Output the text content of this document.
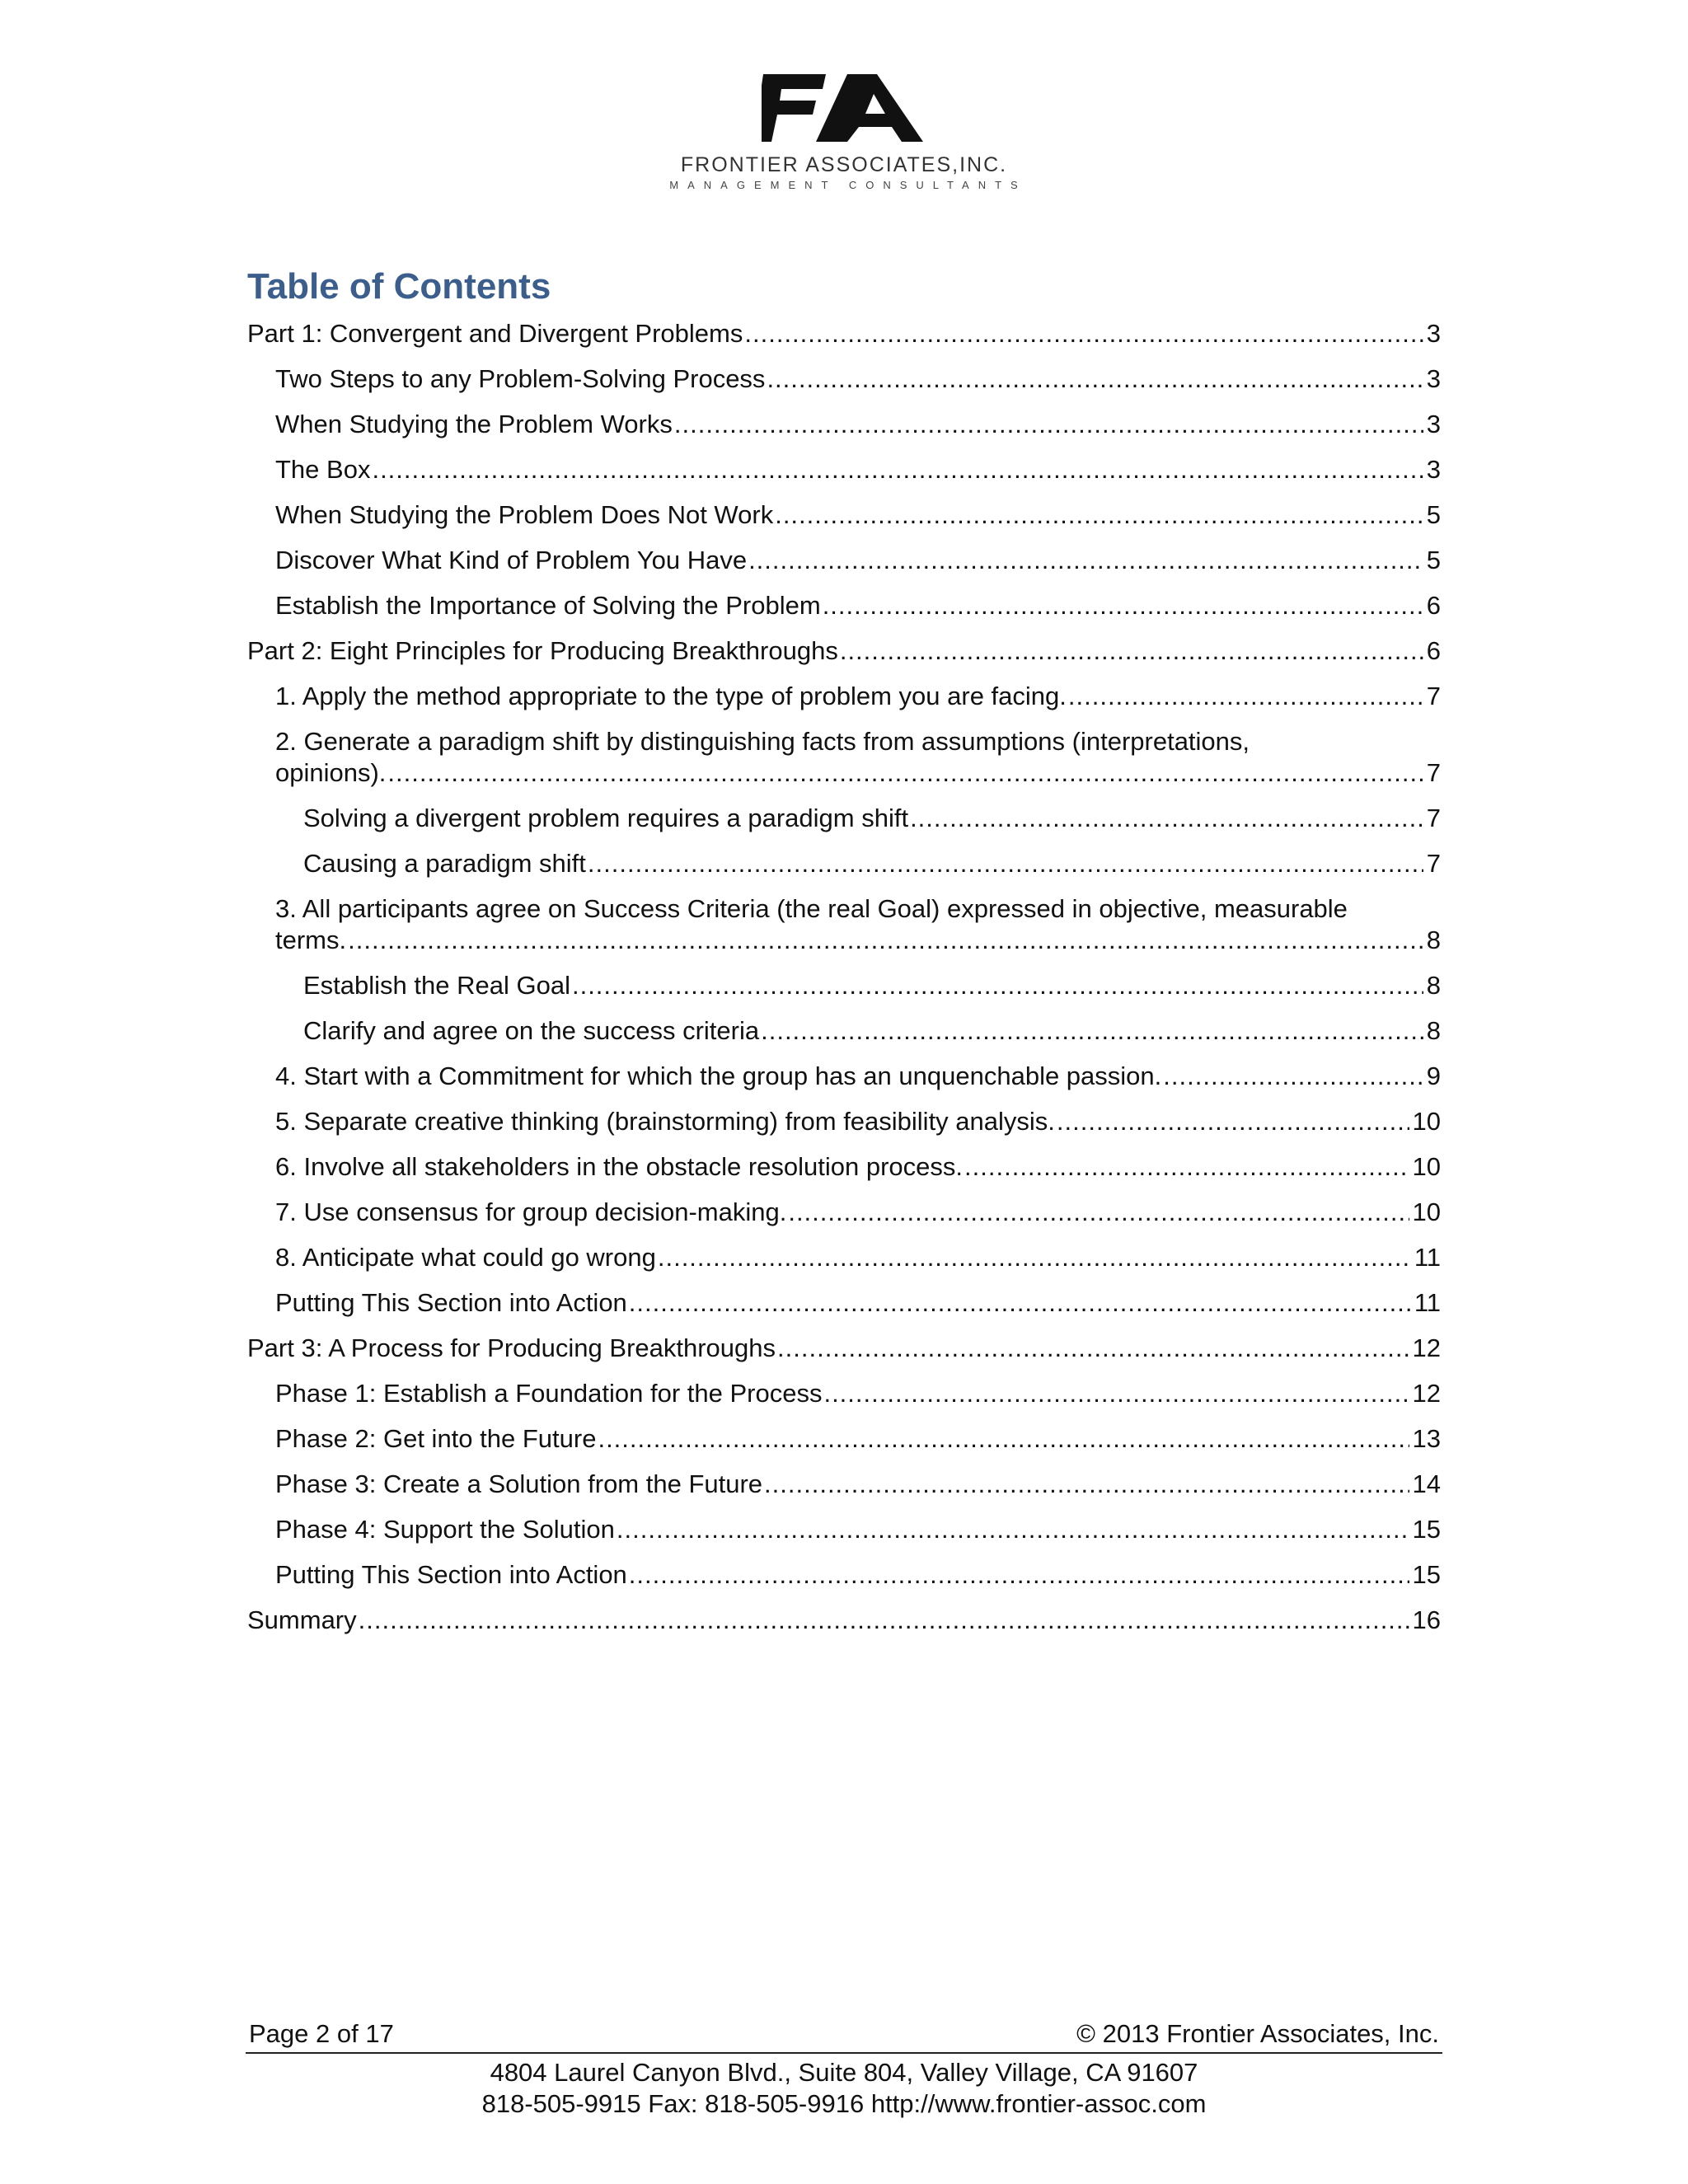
FRONTIER ASSOCIATES,INC.
MANAGEMENT CONSULTANTS
Table of Contents
Part 1: Convergent and Divergent Problems .....	3
Two Steps to any Problem-Solving Process .....	3
When Studying the Problem Works .....	3
The Box .....	3
When Studying the Problem Does Not Work .....	5
Discover What Kind of Problem You Have .....	5
Establish the Importance of Solving the Problem .....	6
Part 2: Eight Principles for Producing Breakthroughs .....	6
1. Apply the method appropriate to the type of problem you are facing. .....	7
2. Generate a paradigm shift by distinguishing facts from assumptions (interpretations,
opinions). .....	7
Solving a divergent problem requires a paradigm shift .....	7
Causing a paradigm shift .....	7
3. All participants agree on Success Criteria (the real Goal) expressed in objective, measurable
terms. .....	8
Establish the Real Goal .....	8
Clarify and agree on the success criteria .....	8
4. Start with a Commitment for which the group has an unquenchable passion. .....	9
5. Separate creative thinking (brainstorming) from feasibility analysis. .....	10
6. Involve all stakeholders in the obstacle resolution process. .....	10
7. Use consensus for group decision-making. .....	10
8. Anticipate what could go wrong .....	11
Putting This Section into Action .....	11
Part 3: A Process for Producing Breakthroughs .....	12
Phase 1: Establish a Foundation for the Process .....	12
Phase 2: Get into the Future .....	13
Phase 3: Create a Solution from the Future .....	14
Phase 4: Support the Solution .....	15
Putting This Section into Action .....	15
Summary .....	16
Page 2 of 17	© 2013 Frontier Associates, Inc.
4804 Laurel Canyon Blvd., Suite 804, Valley Village, CA 91607
818-505-9915 Fax: 818-505-9916 http://www.frontier-assoc.com
